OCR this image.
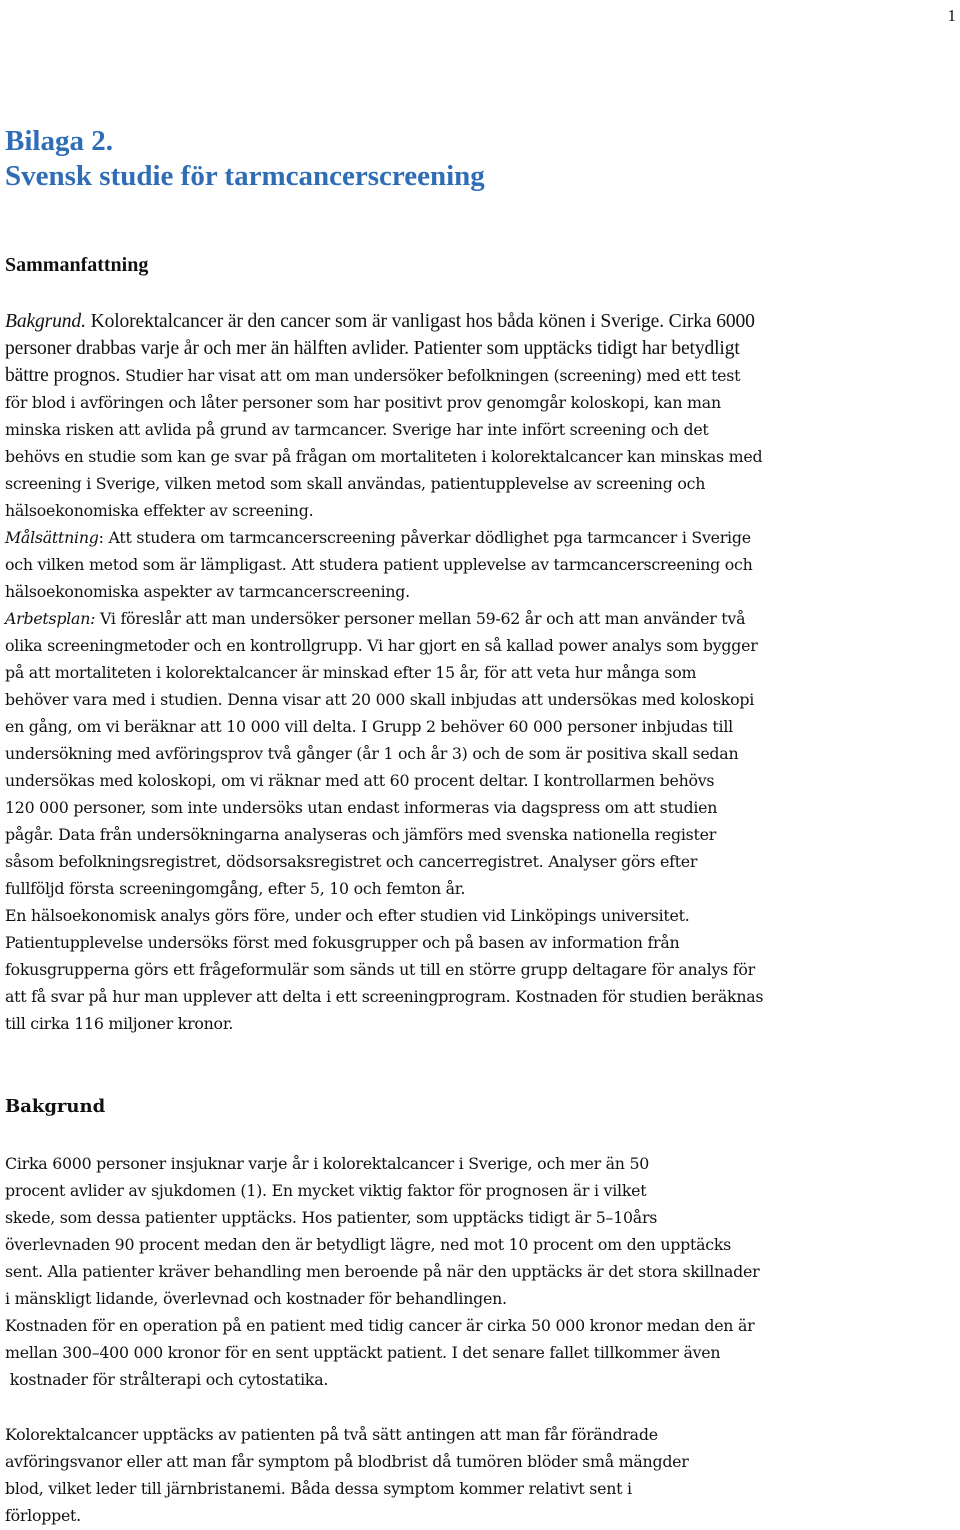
1
Bilaga 2.
Svensk studie för tarmcancerscreening
Sammanfattning
Bakgrund. Kolorektalcancer är den cancer som är vanligast hos båda könen i Sverige. Cirka 6000
personer drabbas varje år och mer än hälften avlider. Patienter som upptäcks tidigt har betydligt
bättre prognos. Studier har visat att om man undersöker befolkningen (screening) med ett test
för blod i avföringen och låter personer som har positivt prov genomgår koloskopi, kan man
minska risken att avlida på grund av tarmcancer. Sverige har inte infört screening och det
behövs en studie som kan ge svar på frågan om mortaliteten i kolorektalcancer kan minskas med
screening i Sverige, vilken metod som skall användas, patientupplevelse av screening och
hälsoekonomiska effekter av screening.
Målsättning: Att studera om tarmcancerscreening påverkar dödlighet pga tarmcancer i Sverige
och vilken metod som är lämpligast. Att studera patient upplevelse av tarmcancerscreening och
hälsoekonomiska aspekter av tarmcancerscreening.
Arbetsplan: Vi föreslår att man undersöker personer mellan 59-62 år och att man använder två
olika screeningmetoder och en kontrollgrupp. Vi har gjort en så kallad power analys som bygger
på att mortaliteten i kolorektalcancer är minskad efter 15 år, för att veta hur många som
behöver vara med i studien. Denna visar att 20 000 skall inbjudas att undersökas med koloskopi
en gång, om vi beräknar att 10 000 vill delta. I Grupp 2 behöver 60 000 personer inbjudas till
undersökning med avföringsprov två gånger (år 1 och år 3) och de som är positiva skall sedan
undersökas med koloskopi, om vi räknar med att 60 procent deltar. I kontrollarmen behövs
120 000 personer, som inte undersöks utan endast informeras via dagspress om att studien
pågår. Data från undersökningarna analyseras och jämförs med svenska nationella register
såsom befolkningsregistret, dödsorsaksregistret och cancerregistret. Analyser görs efter
fullföljd första screeningomgång, efter 5, 10 och femton år.
En hälsoekonomisk analys görs före, under och efter studien vid Linköpings universitet.
Patientupplevelse undersöks först med fokusgrupper och på basen av information från
fokusgrupperna görs ett frågeformulär som sänds ut till en större grupp deltagare för analys för
att få svar på hur man upplever att delta i ett screeningprogram. Kostnaden för studien beräknas
till cirka 116 miljoner kronor.
Bakgrund
Cirka 6000 personer insjuknar varje år i kolorektalcancer i Sverige, och mer än 50
procent avlider av sjukdomen (1). En mycket viktig faktor för prognosen är i vilket
skede, som dessa patienter upptäcks. Hos patienter, som upptäcks tidigt är 5–10års
överlevnaden 90 procent medan den är betydligt lägre, ned mot 10 procent om den upptäcks
sent. Alla patienter kräver behandling men beroende på när den upptäcks är det stora skillnader
i mänskligt lidande, överlevnad och kostnader för behandlingen.
Kostnaden för en operation på en patient med tidig cancer är cirka 50 000 kronor medan den är
mellan 300–400 000 kronor för en sent upptäckt patient. I det senare fallet tillkommer även
kostnader för strålterapi och cytostatika.
Kolorektalcancer upptäcks av patienten på två sätt antingen att man får förändrade
avföringsvanor eller att man får symptom på blodbrist då tumören blöder små mängder
blod, vilket leder till järnbristanemi. Båda dessa symptom kommer relativt sent i
förloppet.
